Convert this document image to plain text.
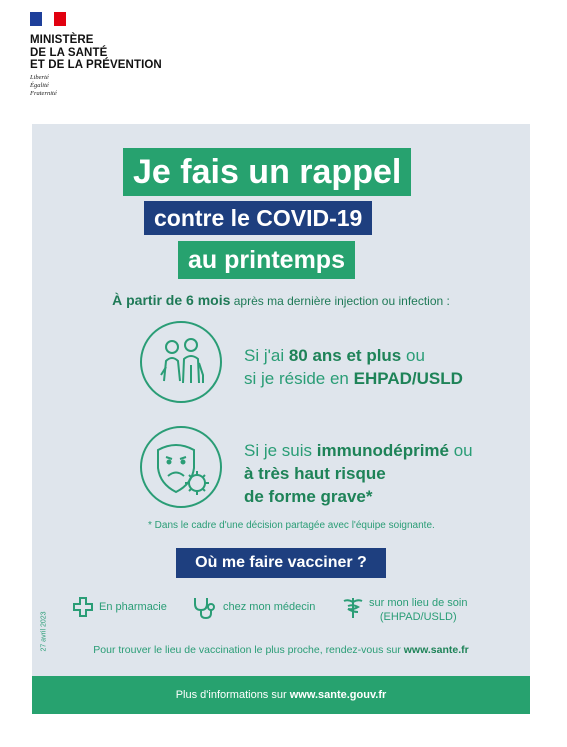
MINISTÈRE
DE LA SANTÉ
ET DE LA PRÉVENTION
Liberté
Égalité
Fraternité
Je fais un rappel
contre le COVID-19
au printemps
À partir de 6 mois après ma dernière injection ou infection :
Si j'ai 80 ans et plus ou
si je réside en EHPAD/USLD
Si je suis immunodéprimé ou
à très haut risque
de forme grave*
* Dans le cadre d'une décision partagée avec l'équipe soignante.
Où me faire vacciner ?
27 avril 2023
En pharmacie	chez mon médecin	sur mon lieu de soin
(EHPAD/USLD)
Pour trouver le lieu de vaccination le plus proche, rendez-vous sur www.sante.fr
Plus d'informations sur www.sante.gouv.fr
